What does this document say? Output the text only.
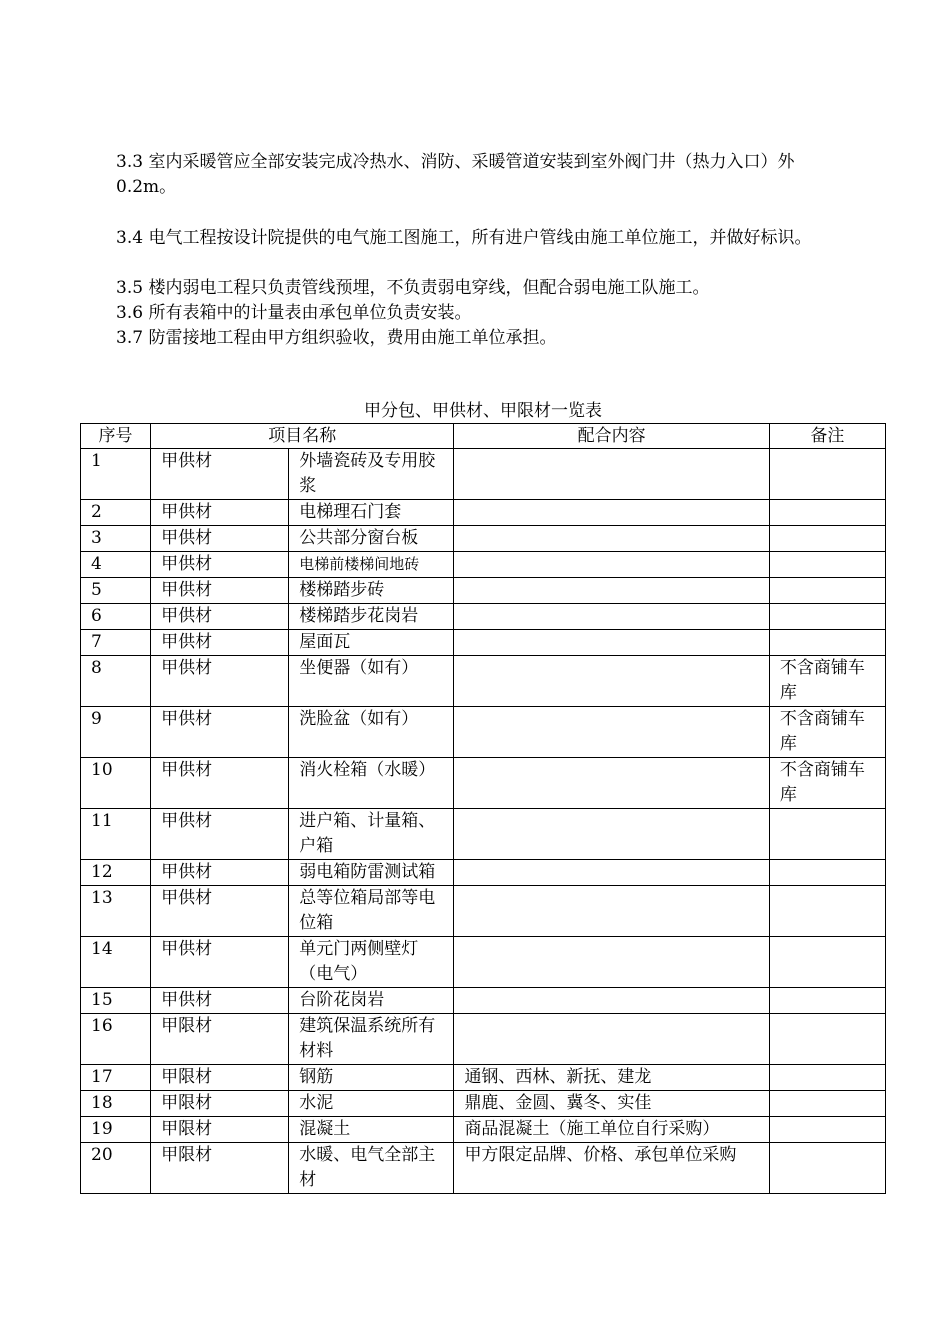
3.3 室内采暖管应全部安装完成冷热水、消防、采暖管道安装到室外阀门井（热力入口）外0.2m。

3.4 电气工程按设计院提供的电气施工图施工，所有进户管线由施工单位施工，并做好标识。

3.5 楼内弱电工程只负责管线预埋，不负责弱电穿线，但配合弱电施工队施工。

3.6 所有表箱中的计量表由承包单位负责安装。

3.7 防雷接地工程由甲方组织验收，费用由施工单位承担。

甲分包、甲供材、甲限材一览表
序号	项目名称		配合内容	备注
1	甲供材	外墙瓷砖及专用胶浆		
2	甲供材	电梯理石门套		
3	甲供材	公共部分窗台板		
4	甲供材	电梯前楼梯间地砖		
5	甲供材	楼梯踏步砖		
6	甲供材	楼梯踏步花岗岩		
7	甲供材	屋面瓦		
8	甲供材	坐便器（如有）		不含商铺车库
9	甲供材	洗脸盆（如有）		不含商铺车库
10	甲供材	消火栓箱（水暖）		不含商铺车库
11	甲供材	进户箱、计量箱、户箱		
12	甲供材	弱电箱防雷测试箱		
13	甲供材	总等位箱局部等电位箱		
14	甲供材	单元门两侧壁灯（电气）		
15	甲供材	台阶花岗岩		
16	甲限材	建筑保温系统所有材料		
17	甲限材	钢筋	通钢、西林、新抚、建龙	
18	甲限材	水泥	鼎鹿、金圆、冀冬、实佳	
19	甲限材	混凝土	商品混凝土（施工单位自行采购）	
20	甲限材	水暖、电气全部主材	甲方限定品牌、价格、承包单位采购	
